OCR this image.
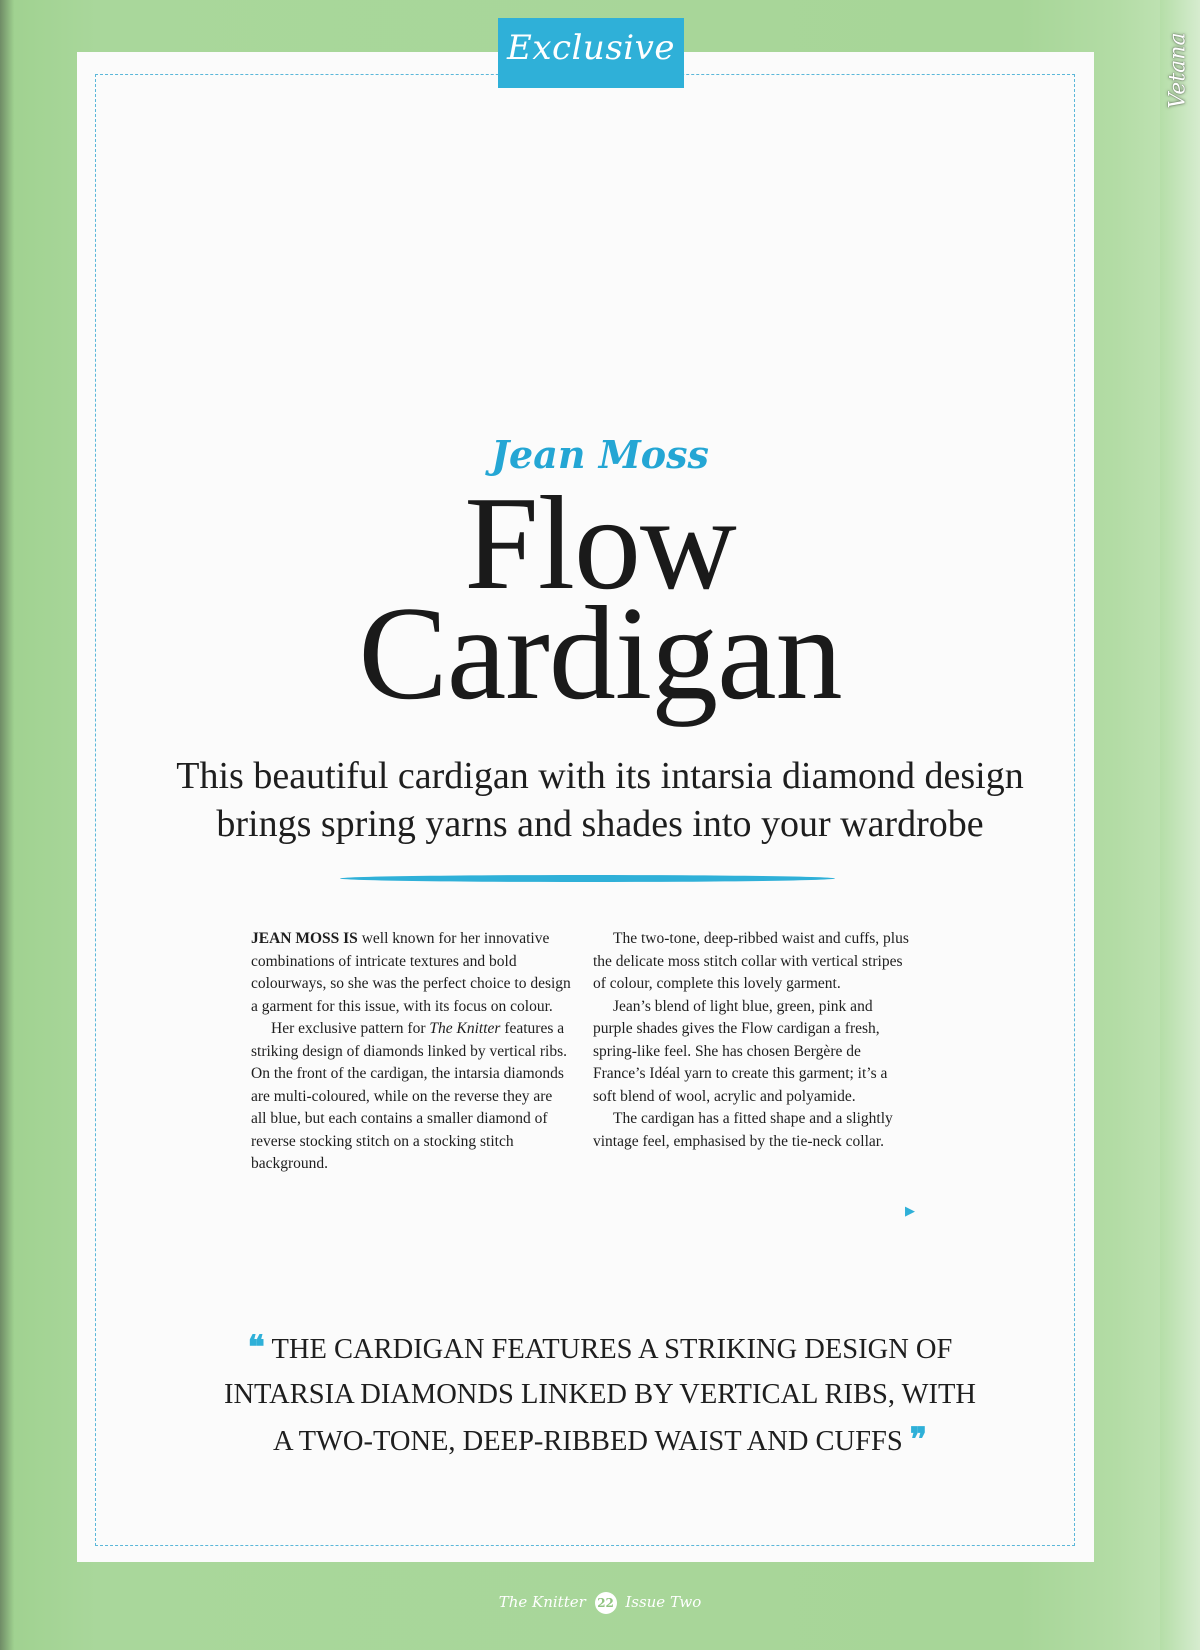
Vetana
Exclusive
Jean Moss
Flow
Cardigan
This beautiful cardigan with its intarsia diamond design
brings spring yarns and shades into your wardrobe

JEAN MOSS IS well known for her innovative combinations of intricate textures and bold colourways, so she was the perfect choice to design a garment for this issue, with its focus on colour.

Her exclusive pattern for The Knitter features a striking design of diamonds linked by vertical ribs. On the front of the cardigan, the intarsia diamonds are multi-coloured, while on the reverse they are all blue, but each contains a smaller diamond of reverse stocking stitch on a stocking stitch background.

The two-tone, deep-ribbed waist and cuffs, plus the delicate moss stitch collar with vertical stripes of colour, complete this lovely garment.

Jean’s blend of light blue, green, pink and purple shades gives the Flow cardigan a fresh, spring-like feel. She has chosen Bergère de France’s Idéal yarn to create this garment; it’s a soft blend of wool, acrylic and polyamide.

The cardigan has a fitted shape and a slightly vintage feel, emphasised by the tie-neck collar.

▶
❝ THE CARDIGAN FEATURES A STRIKING DESIGN OF
INTARSIA DIAMONDS LINKED BY VERTICAL RIBS, WITH
A TWO-TONE, DEEP-RIBBED WAIST AND CUFFS ❞
The Knitter 22 Issue Two
